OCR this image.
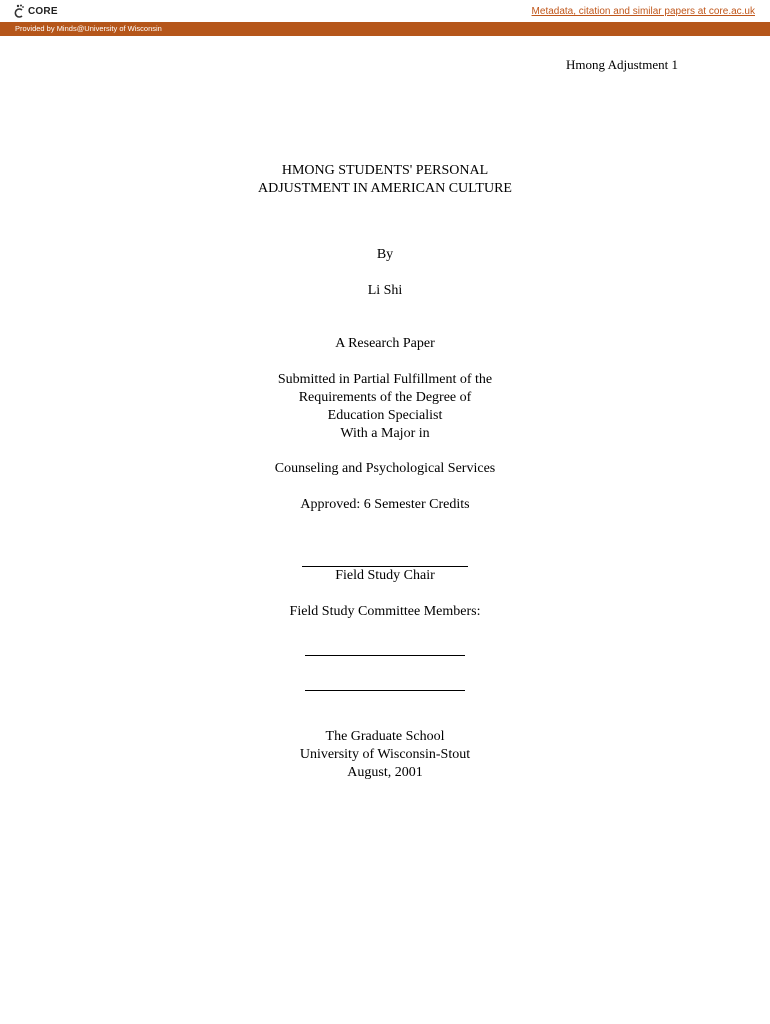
CORE	Metadata, citation and similar papers at core.ac.uk
Provided by Minds@University of Wisconsin
Hmong Adjustment 1
HMONG STUDENTS' PERSONAL
ADJUSTMENT IN AMERICAN CULTURE
By
Li Shi
A Research Paper
Submitted in Partial Fulfillment of the
Requirements of the Degree of
Education Specialist
With a Major in
Counseling and Psychological Services
Approved: 6 Semester Credits
Field Study Chair
Field Study Committee Members:
The Graduate School
University of Wisconsin-Stout
August, 2001
